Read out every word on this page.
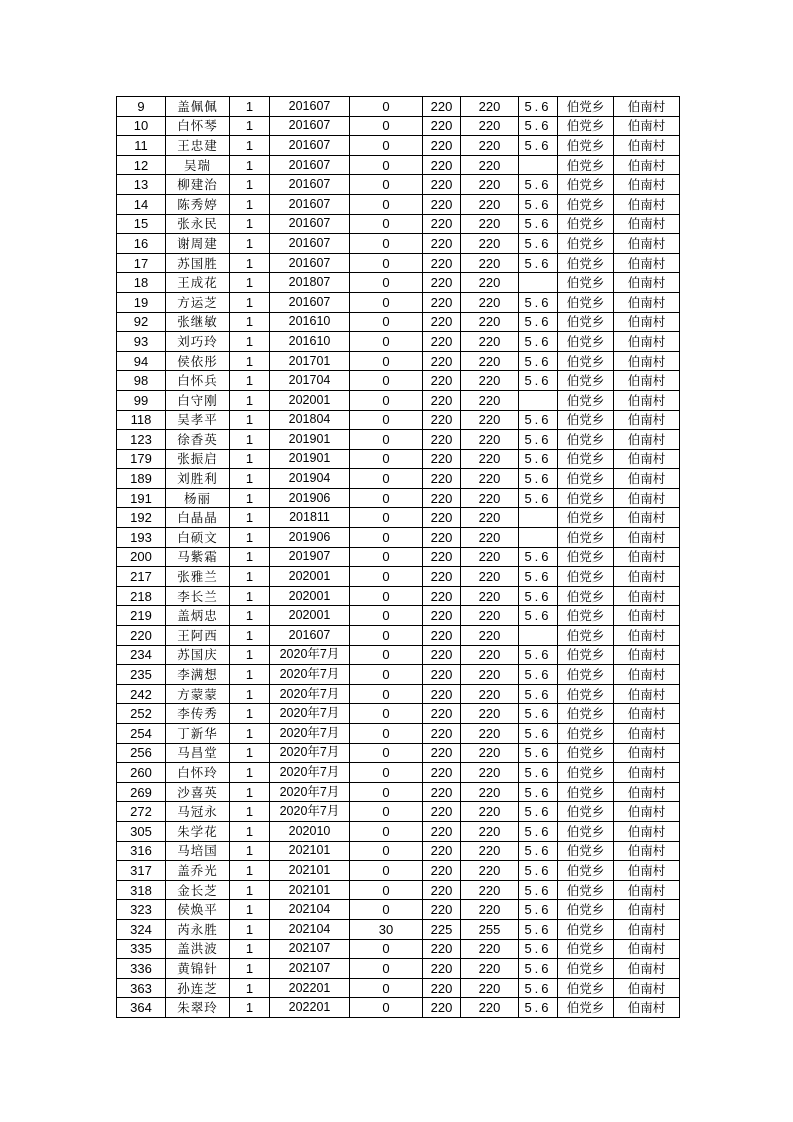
9	盖佩佩	1	201607	0	220	220	5.6	伯党乡	伯南村
10	白怀琴	1	201607	0	220	220	5.6	伯党乡	伯南村
11	王忠建	1	201607	0	220	220	5.6	伯党乡	伯南村
12	吴瑞	1	201607	0	220	220		伯党乡	伯南村
13	柳建治	1	201607	0	220	220	5.6	伯党乡	伯南村
14	陈秀婷	1	201607	0	220	220	5.6	伯党乡	伯南村
15	张永民	1	201607	0	220	220	5.6	伯党乡	伯南村
16	谢周建	1	201607	0	220	220	5.6	伯党乡	伯南村
17	苏国胜	1	201607	0	220	220	5.6	伯党乡	伯南村
18	王成花	1	201807	0	220	220		伯党乡	伯南村
19	方运芝	1	201607	0	220	220	5.6	伯党乡	伯南村
92	张继敏	1	201610	0	220	220	5.6	伯党乡	伯南村
93	刘巧玲	1	201610	0	220	220	5.6	伯党乡	伯南村
94	侯依彤	1	201701	0	220	220	5.6	伯党乡	伯南村
98	白怀兵	1	201704	0	220	220	5.6	伯党乡	伯南村
99	白守刚	1	202001	0	220	220		伯党乡	伯南村
118	吴孝平	1	201804	0	220	220	5.6	伯党乡	伯南村
123	徐香英	1	201901	0	220	220	5.6	伯党乡	伯南村
179	张振启	1	201901	0	220	220	5.6	伯党乡	伯南村
189	刘胜利	1	201904	0	220	220	5.6	伯党乡	伯南村
191	杨丽	1	201906	0	220	220	5.6	伯党乡	伯南村
192	白晶晶	1	201811	0	220	220		伯党乡	伯南村
193	白硕文	1	201906	0	220	220		伯党乡	伯南村
200	马紫霜	1	201907	0	220	220	5.6	伯党乡	伯南村
217	张雅兰	1	202001	0	220	220	5.6	伯党乡	伯南村
218	李长兰	1	202001	0	220	220	5.6	伯党乡	伯南村
219	盖炳忠	1	202001	0	220	220	5.6	伯党乡	伯南村
220	王阿西	1	201607	0	220	220		伯党乡	伯南村
234	苏国庆	1	2020年7月	0	220	220	5.6	伯党乡	伯南村
235	李满想	1	2020年7月	0	220	220	5.6	伯党乡	伯南村
242	方蒙蒙	1	2020年7月	0	220	220	5.6	伯党乡	伯南村
252	李传秀	1	2020年7月	0	220	220	5.6	伯党乡	伯南村
254	丁新华	1	2020年7月	0	220	220	5.6	伯党乡	伯南村
256	马昌堂	1	2020年7月	0	220	220	5.6	伯党乡	伯南村
260	白怀玲	1	2020年7月	0	220	220	5.6	伯党乡	伯南村
269	沙喜英	1	2020年7月	0	220	220	5.6	伯党乡	伯南村
272	马冠永	1	2020年7月	0	220	220	5.6	伯党乡	伯南村
305	朱学花	1	202010	0	220	220	5.6	伯党乡	伯南村
316	马培国	1	202101	0	220	220	5.6	伯党乡	伯南村
317	盖乔光	1	202101	0	220	220	5.6	伯党乡	伯南村
318	金长芝	1	202101	0	220	220	5.6	伯党乡	伯南村
323	侯焕平	1	202104	0	220	220	5.6	伯党乡	伯南村
324	芮永胜	1	202104	30	225	255	5.6	伯党乡	伯南村
335	盖洪波	1	202107	0	220	220	5.6	伯党乡	伯南村
336	黄锦针	1	202107	0	220	220	5.6	伯党乡	伯南村
363	孙连芝	1	202201	0	220	220	5.6	伯党乡	伯南村
364	朱翠玲	1	202201	0	220	220	5.6	伯党乡	伯南村
